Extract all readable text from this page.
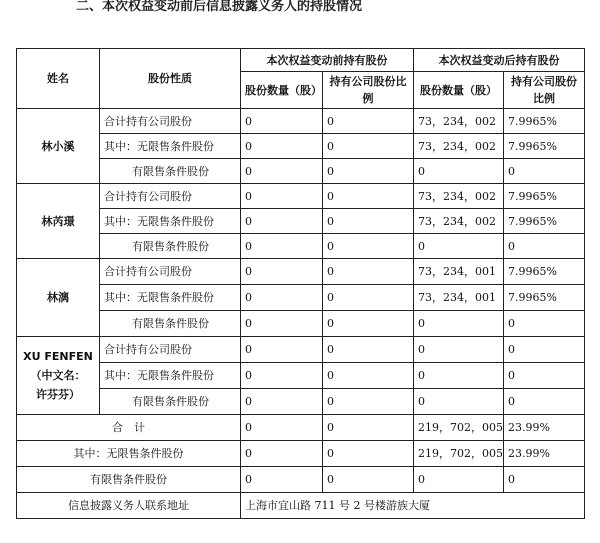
二、本次权益变动前后信息披露义务人的持股情况
姓名	股份性质	本次权益变动前持有股份		本次权益变动后持有股份	
		股份数量（股）	持有公司股份比例	股份数量（股）	持有公司股份比例
林小溪	合计持有公司股份	0	0	73，234，002	7.9965%
	其中：无限售条件股份	0	0	73，234，002	7.9965%
	有限售条件股份	0	0	0	0
林芮璟	合计持有公司股份	0	0	73，234，002	7.9965%
	其中：无限售条件股份	0	0	73，234，002	7.9965%
	有限售条件股份	0	0	0	0
林漓	合计持有公司股份	0	0	73，234，001	7.9965%
	其中：无限售条件股份	0	0	73，234，001	7.9965%
	有限售条件股份	0	0	0	0

XU FENFEN
（中文名：
许芬芬）	合计持有公司股份	0	0	0	0
	其中：无限售条件股份	0	0	0	0
	有限售条件股份	0	0	0	0
合　计		0	0	219，702，005	23.99%
其中：无限售条件股份		0	0	219，702，005	23.99%
有限售条件股份		0	0	0	0
信息披露义务人联系地址		上海市宜山路 711 号 2 号楼游族大厦			
